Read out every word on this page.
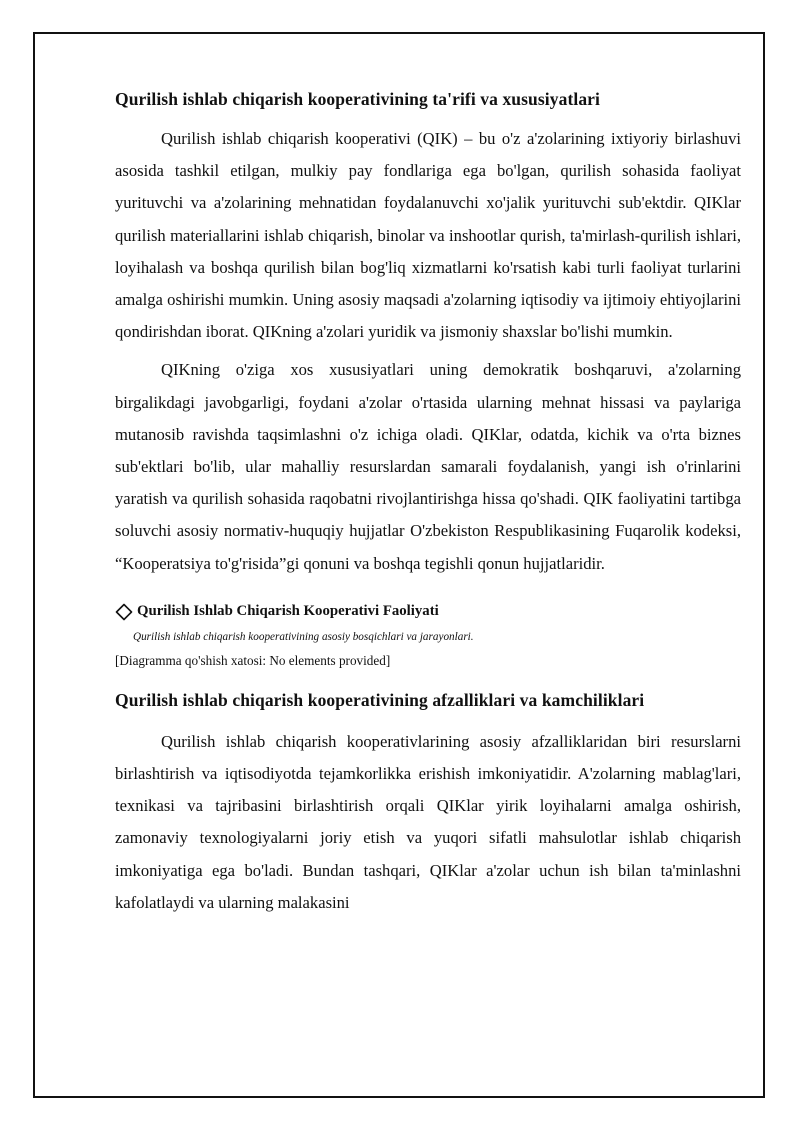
Qurilish ishlab chiqarish kooperativining ta'rifi va xususiyatlari

Qurilish ishlab chiqarish kooperativi (QIK) – bu o'z a'zolarining ixtiyoriy birlashuvi asosida tashkil etilgan, mulkiy pay fondlariga ega bo'lgan, qurilish sohasida faoliyat yurituvchi va a'zolarining mehnatidan foydalanuvchi xo'jalik yurituvchi sub'ektdir. QIKlar qurilish materiallarini ishlab chiqarish, binolar va inshootlar qurish, ta'mirlash-qurilish ishlari, loyihalash va boshqa qurilish bilan bog'liq xizmatlarni ko'rsatish kabi turli faoliyat turlarini amalga oshirishi mumkin. Uning asosiy maqsadi a'zolarning iqtisodiy va ijtimoiy ehtiyojlarini qondirishdan iborat. QIKning a'zolari yuridik va jismoniy shaxslar bo'lishi mumkin.

QIKning o'ziga xos xususiyatlari uning demokratik boshqaruvi, a'zolarning birgalikdagi javobgarligi, foydani a'zolar o'rtasida ularning mehnat hissasi va paylariga mutanosib ravishda taqsimlashni o'z ichiga oladi. QIKlar, odatda, kichik va o'rta biznes sub'ektlari bo'lib, ular mahalliy resurslardan samarali foydalanish, yangi ish o'rinlarini yaratish va qurilish sohasida raqobatni rivojlantirishga hissa qo'shadi. QIK faoliyatini tartibga soluvchi asosiy normativ-huquqiy hujjatlar O'zbekiston Respublikasining Fuqarolik kodeksi, “Kooperatsiya to'g'risida”gi qonuni va boshqa tegishli qonun hujjatlaridir.

Qurilish Ishlab Chiqarish Kooperativi Faoliyati
Qurilish ishlab chiqarish kooperativining asosiy bosqichlari va jarayonlari.
[Diagramma qo'shish xatosi: No elements provided]
Qurilish ishlab chiqarish kooperativining afzalliklari va kamchiliklari

Qurilish ishlab chiqarish kooperativlarining asosiy afzalliklaridan biri resurslarni birlashtirish va iqtisodiyotda tejamkorlikka erishish imkoniyatidir. A'zolarning mablag'lari, texnikasi va tajribasini birlashtirish orqali QIKlar yirik loyihalarni amalga oshirish, zamonaviy texnologiyalarni joriy etish va yuqori sifatli mahsulotlar ishlab chiqarish imkoniyatiga ega bo'ladi. Bundan tashqari, QIKlar a'zolar uchun ish bilan ta'minlashni kafolatlaydi va ularning malakasini
